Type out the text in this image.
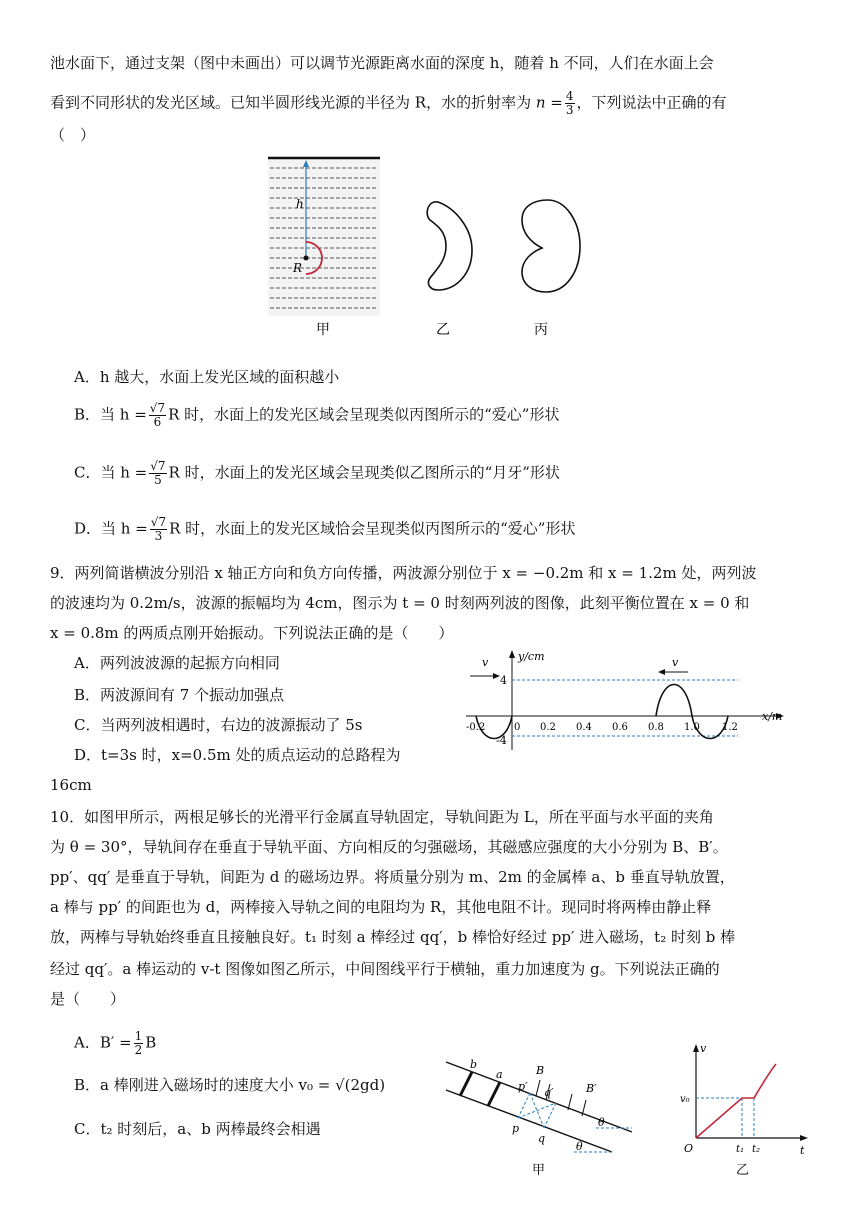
池水面下，通过支架（图中未画出）可以调节光源距离水面的深度 h，随着 h 不同，人们在水面上会
看到不同形状的发光区域。已知半圆形线光源的半径为 R，水的折射率为 $n = \frac{4}{3}$ ，下列说法中正确的有
（　）
h
R
甲	乙	丙
A．h 越大，水面上发光区域的面积越小
B．当 $h = \frac{√7}{6}$ R 时，水面上的发光区域会呈现类似丙图所示的“爱心”形状
C．当 $h = \frac{√7}{5}$ R 时，水面上的发光区域会呈现类似乙图所示的“月牙”形状
D．当 $h = \frac{√7}{3}$ R 时，水面上的发光区域恰会呈现类似丙图所示的“爱心”形状
9．两列简谐横波分别沿 x 轴正方向和负方向传播，两波源分别位于 x = −0.2m 和 x = 1.2m 处，两列波
的波速均为 0.2m/s，波源的振幅均为 4cm，图示为 t = 0 时刻两列波的图像，此刻平衡位置在 x = 0 和
x = 0.8m 的两质点刚开始振动。下列说法正确的是（　　）
A．两列波波源的起振方向相同
B．两波源间有 7 个振动加强点
C．当两列波相遇时，右边的波源振动了 5s
D．t=3s 时，x=0.5m 处的质点运动的总路程为
16cm
y/cm
x/m
4
-4
-0.2	0 0.2 0.4 0.6 0.8 1.0 1.2
v	v
10．如图甲所示，两根足够长的光滑平行金属直导轨固定，导轨间距为 L，所在平面与水平面的夹角
为 θ = 30°，导轨间存在垂直于导轨平面、方向相反的匀强磁场，其磁感应强度的大小分别为 B、B′。
pp′、qq′ 是垂直于导轨，间距为 d 的磁场边界。将质量分别为 m、2m 的金属棒 a、b 垂直导轨放置，
a 棒与 pp′ 的间距也为 d，两棒接入导轨之间的电阻均为 R，其他电阻不计。现同时将两棒由静止释
放，两棒与导轨始终垂直且接触良好。t₁ 时刻 a 棒经过 qq′，b 棒恰好经过 pp′ 进入磁场，t₂ 时刻 b 棒
经过 qq′。a 棒运动的 v-t 图像如图乙所示，中间图线平行于横轴，重力加速度为 g。下列说法正确的
是（　　）
A．$B' = \frac{1}{2}$ B
B．a 棒刚进入磁场时的速度大小 v₀ = √(2gd)
C．t₂ 时刻后，a、b 两棒最终会相遇
b
a
p
q
p′ q′
B
B′
θ
θ
甲
v
t
O
v₀
t₁ t₂
乙
